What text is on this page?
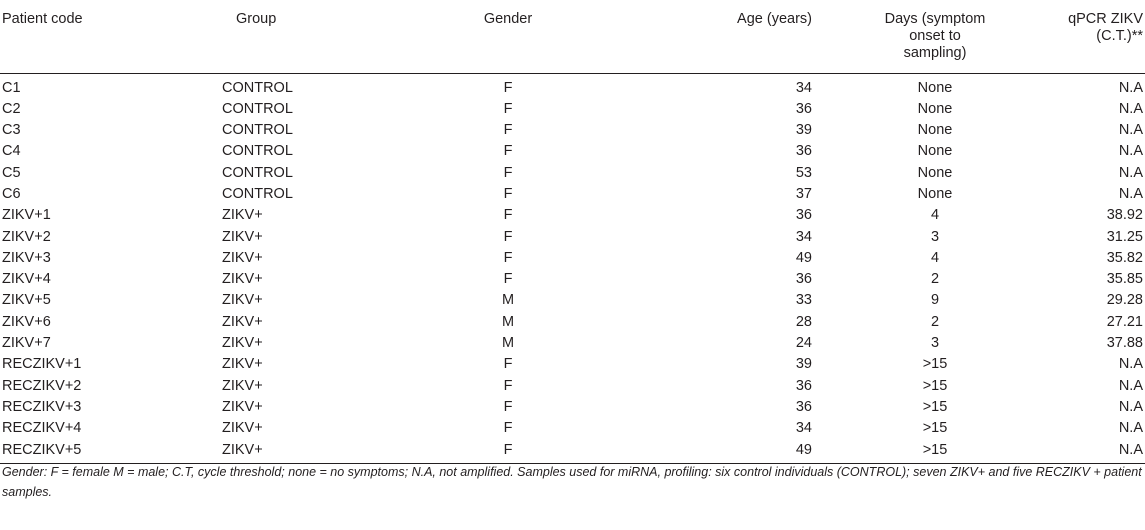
Patient code	Group	Gender	Age (years)	Days (symptom
onset to
sampling)	qPCR ZIKV
(C.T.)**
C1	CONTROL	F	34	None	N.A
C2	CONTROL	F	36	None	N.A
C3	CONTROL	F	39	None	N.A
C4	CONTROL	F	36	None	N.A
C5	CONTROL	F	53	None	N.A
C6	CONTROL	F	37	None	N.A
ZIKV+1	ZIKV+	F	36	4	38.92
ZIKV+2	ZIKV+	F	34	3	31.25
ZIKV+3	ZIKV+	F	49	4	35.82
ZIKV+4	ZIKV+	F	36	2	35.85
ZIKV+5	ZIKV+	M	33	9	29.28
ZIKV+6	ZIKV+	M	28	2	27.21
ZIKV+7	ZIKV+	M	24	3	37.88
RECZIKV+1	ZIKV+	F	39	>15	N.A
RECZIKV+2	ZIKV+	F	36	>15	N.A
RECZIKV+3	ZIKV+	F	36	>15	N.A
RECZIKV+4	ZIKV+	F	34	>15	N.A
RECZIKV+5	ZIKV+	F	49	>15	N.A
Gender: F = female M = male; C.T, cycle threshold; none = no symptoms; N.A, not amplified. Samples used for miRNA, profiling: six control individuals (CONTROL); seven ZIKV+ and five RECZIKV + patient samples.
